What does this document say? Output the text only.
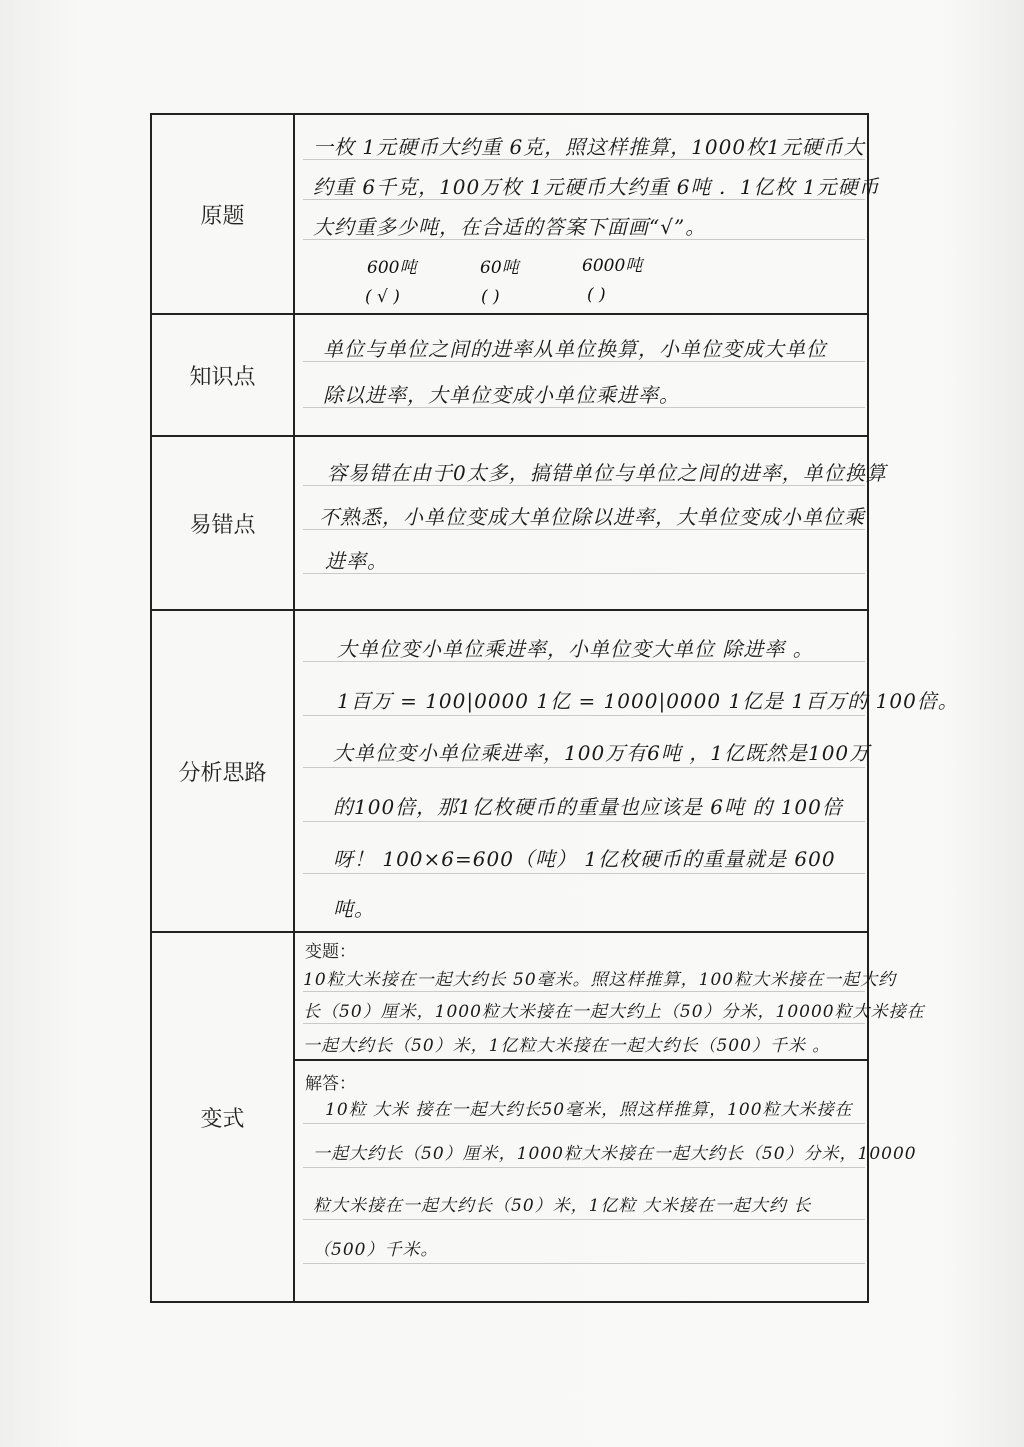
原题
一枚 1元硬币大约重 6克，照这样推算，1000枚1元硬币大
约重 6千克，100万枚 1元硬币大约重 6吨 ．1亿枚 1元硬币
大约重多少吨，在合适的答案下面画“√”。
600吨	60吨	6000吨
( √ )	( )	( )
知识点
单位与单位之间的进率从单位换算，小单位变成大单位
除以进率，大单位变成小单位乘进率。
易错点
容易错在由于0太多，搞错单位与单位之间的进率，单位换算
不熟悉，小单位变成大单位除以进率，大单位变成小单位乘
进率。
分析思路
大单位变小单位乘进率，小单位变大单位 除进率 。
1百万 = 100|0000 1亿 = 1000|0000 1亿是 1百万的 100倍。
大单位变小单位乘进率，100万有6吨 ，1亿既然是100万
的100倍，那1亿枚硬币的重量也应该是 6吨 的 100倍
呀！ 100×6=600（吨） 1亿枚硬币的重量就是 600
吨。
变式
变题：
10粒大米接在一起大约长 50毫米。照这样推算，100粒大米接在一起大约
长（50）厘米，1000粒大米接在一起大约上（50）分米，10000粒大米接在
一起大约长（50）米，1亿粒大米接在一起大约长（500）千米 。
解答：
10粒 大米 接在一起大约长50毫米，照这样推算，100粒大米接在
一起大约长（50）厘米，1000粒大米接在一起大约长（50）分米，10000
粒大米接在一起大约长（50）米，1亿粒 大米接在一起大约 长
（500）千米。
